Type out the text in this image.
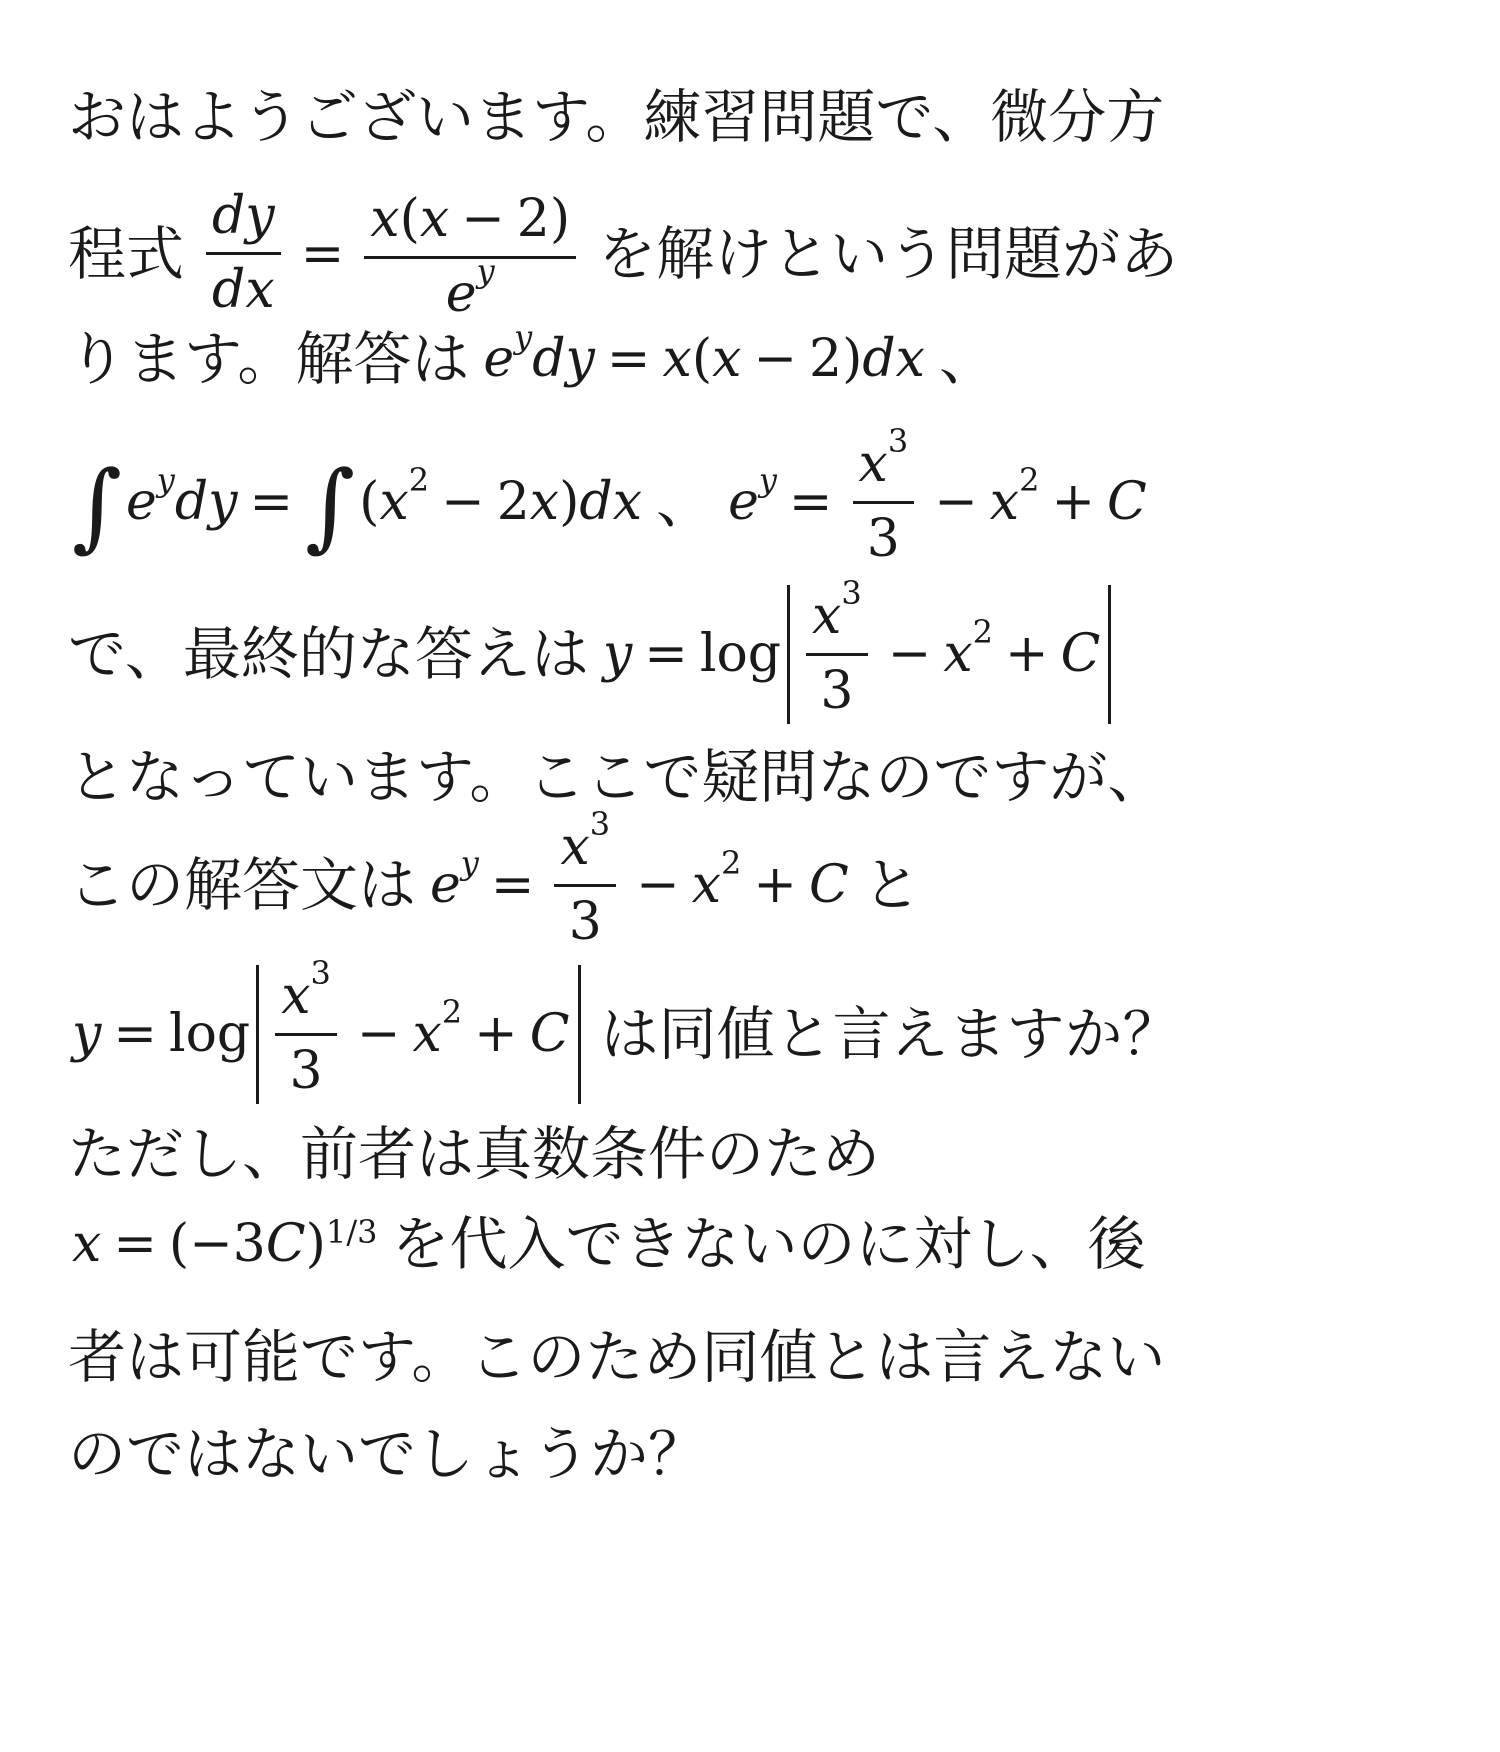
おはようございます。練習問題で、微分方
程式 $\frac{dy}{dx} = \frac{x(x - 2)}{e^y}$ を解けという問題があ
ります。解答は $e^ydy = x$ ( x − 2) dx 、
∫ $e^ydy$ = ∫ ( $x^2 - 2$ x ) dx 、 $e^y = \frac{x^3}{3} - x^2 + C$
で、最終的な答えは $y = \log \frac{x^3}{3} - x^2 + C$
となっています。ここで疑問なのですが、
この解答文は $e^y = \frac{x^3}{3} - x^2 + C$ と
$y = \log \frac{x^3}{3} - x^2 + C$ は同値と言えますか？
ただし、前者は真数条件のため
x = (−3 C )$^{1/3}$ を代入できないのに対し、後
者は可能です。このため同値とは言えない
のではないでしょうか？
